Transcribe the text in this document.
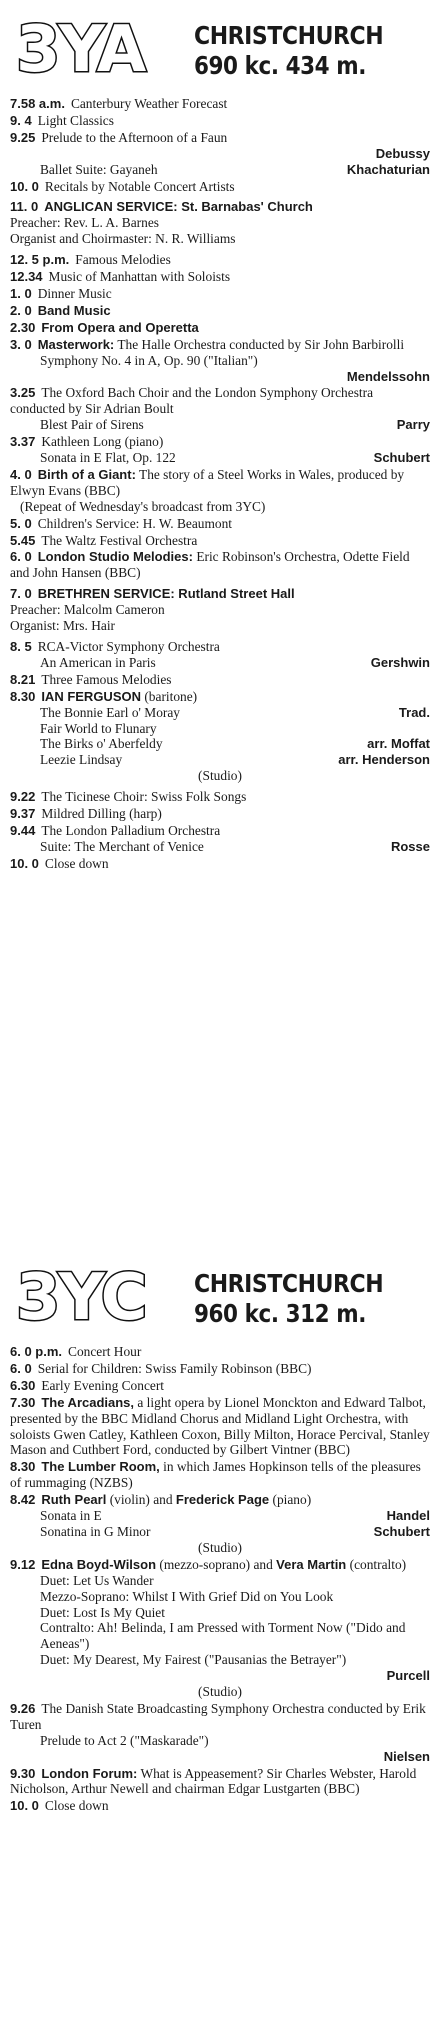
3YA CHRISTCHURCH
690 kc. 434 m.
7.58 a.m. Canterbury Weather Forecast
9. 4 Light Classics
9.25 Prelude to the Afternoon of a Faun
Debussy
Ballet Suite: Gayaneh	Khachaturian
10. 0 Recitals by Notable Concert Artists
11. 0 ANGLICAN SERVICE: St. Barnabas' Church
Preacher: Rev. L. A. Barnes
Organist and Choirmaster: N. R. Williams
12. 5 p.m. Famous Melodies
12.34 Music of Manhattan with Soloists
1. 0 Dinner Music
2. 0 Band Music
2.30 From Opera and Operetta
3. 0 Masterwork: The Halle Orchestra conducted by Sir John Barbirolli
Symphony No. 4 in A, Op. 90 ("Italian")
Mendelssohn
3.25 The Oxford Bach Choir and the London Symphony Orchestra conducted by Sir Adrian Boult
Blest Pair of Sirens	Parry
3.37 Kathleen Long (piano)
Sonata in E Flat, Op. 122	Schubert
4. 0 Birth of a Giant: The story of a Steel Works in Wales, produced by Elwyn Evans (BBC)
(Repeat of Wednesday's broadcast from 3YC)
5. 0 Children's Service: H. W. Beaumont
5.45 The Waltz Festival Orchestra
6. 0 London Studio Melodies: Eric Robinson's Orchestra, Odette Field and John Hansen (BBC)
7. 0 BRETHREN SERVICE: Rutland Street Hall
Preacher: Malcolm Cameron
Organist: Mrs. Hair
8. 5 RCA-Victor Symphony Orchestra
An American in Paris	Gershwin
8.21 Three Famous Melodies
8.30 IAN FERGUSON (baritone)
The Bonnie Earl o' Moray	Trad.
Fair World to Flunary
The Birks o' Aberfeldy	arr. Moffat
Leezie Lindsay	arr. Henderson
(Studio)
9.22 The Ticinese Choir: Swiss Folk Songs
9.37 Mildred Dilling (harp)
9.44 The London Palladium Orchestra
Suite: The Merchant of Venice	Rosse
10. 0 Close down
3YC CHRISTCHURCH
960 kc. 312 m.
6. 0 p.m. Concert Hour
6. 0 Serial for Children: Swiss Family Robinson (BBC)
6.30 Early Evening Concert
7.30 The Arcadians, a light opera by Lionel Monckton and Edward Talbot, presented by the BBC Midland Chorus and Midland Light Orchestra, with soloists Gwen Catley, Kathleen Coxon, Billy Milton, Horace Percival, Stanley Mason and Cuthbert Ford, conducted by Gilbert Vintner (BBC)
8.30 The Lumber Room, in which James Hopkinson tells of the pleasures of rummaging (NZBS)
8.42 Ruth Pearl (violin) and Frederick Page (piano)
Sonata in E	Handel
Sonatina in G Minor	Schubert
(Studio)
9.12 Edna Boyd-Wilson (mezzo-soprano) and Vera Martin (contralto)
Duet: Let Us Wander
Mezzo-Soprano: Whilst I With Grief Did on You Look
Duet: Lost Is My Quiet
Contralto: Ah! Belinda, I am Pressed with Torment Now ("Dido and Aeneas")
Duet: My Dearest, My Fairest ("Pausanias the Betrayer")
Purcell
(Studio)
9.26 The Danish State Broadcasting Symphony Orchestra conducted by Erik Turen
Prelude to Act 2 ("Maskarade")
Nielsen
9.30 London Forum: What is Appeasement? Sir Charles Webster, Harold Nicholson, Arthur Newell and chairman Edgar Lustgarten (BBC)
10. 0 Close down
